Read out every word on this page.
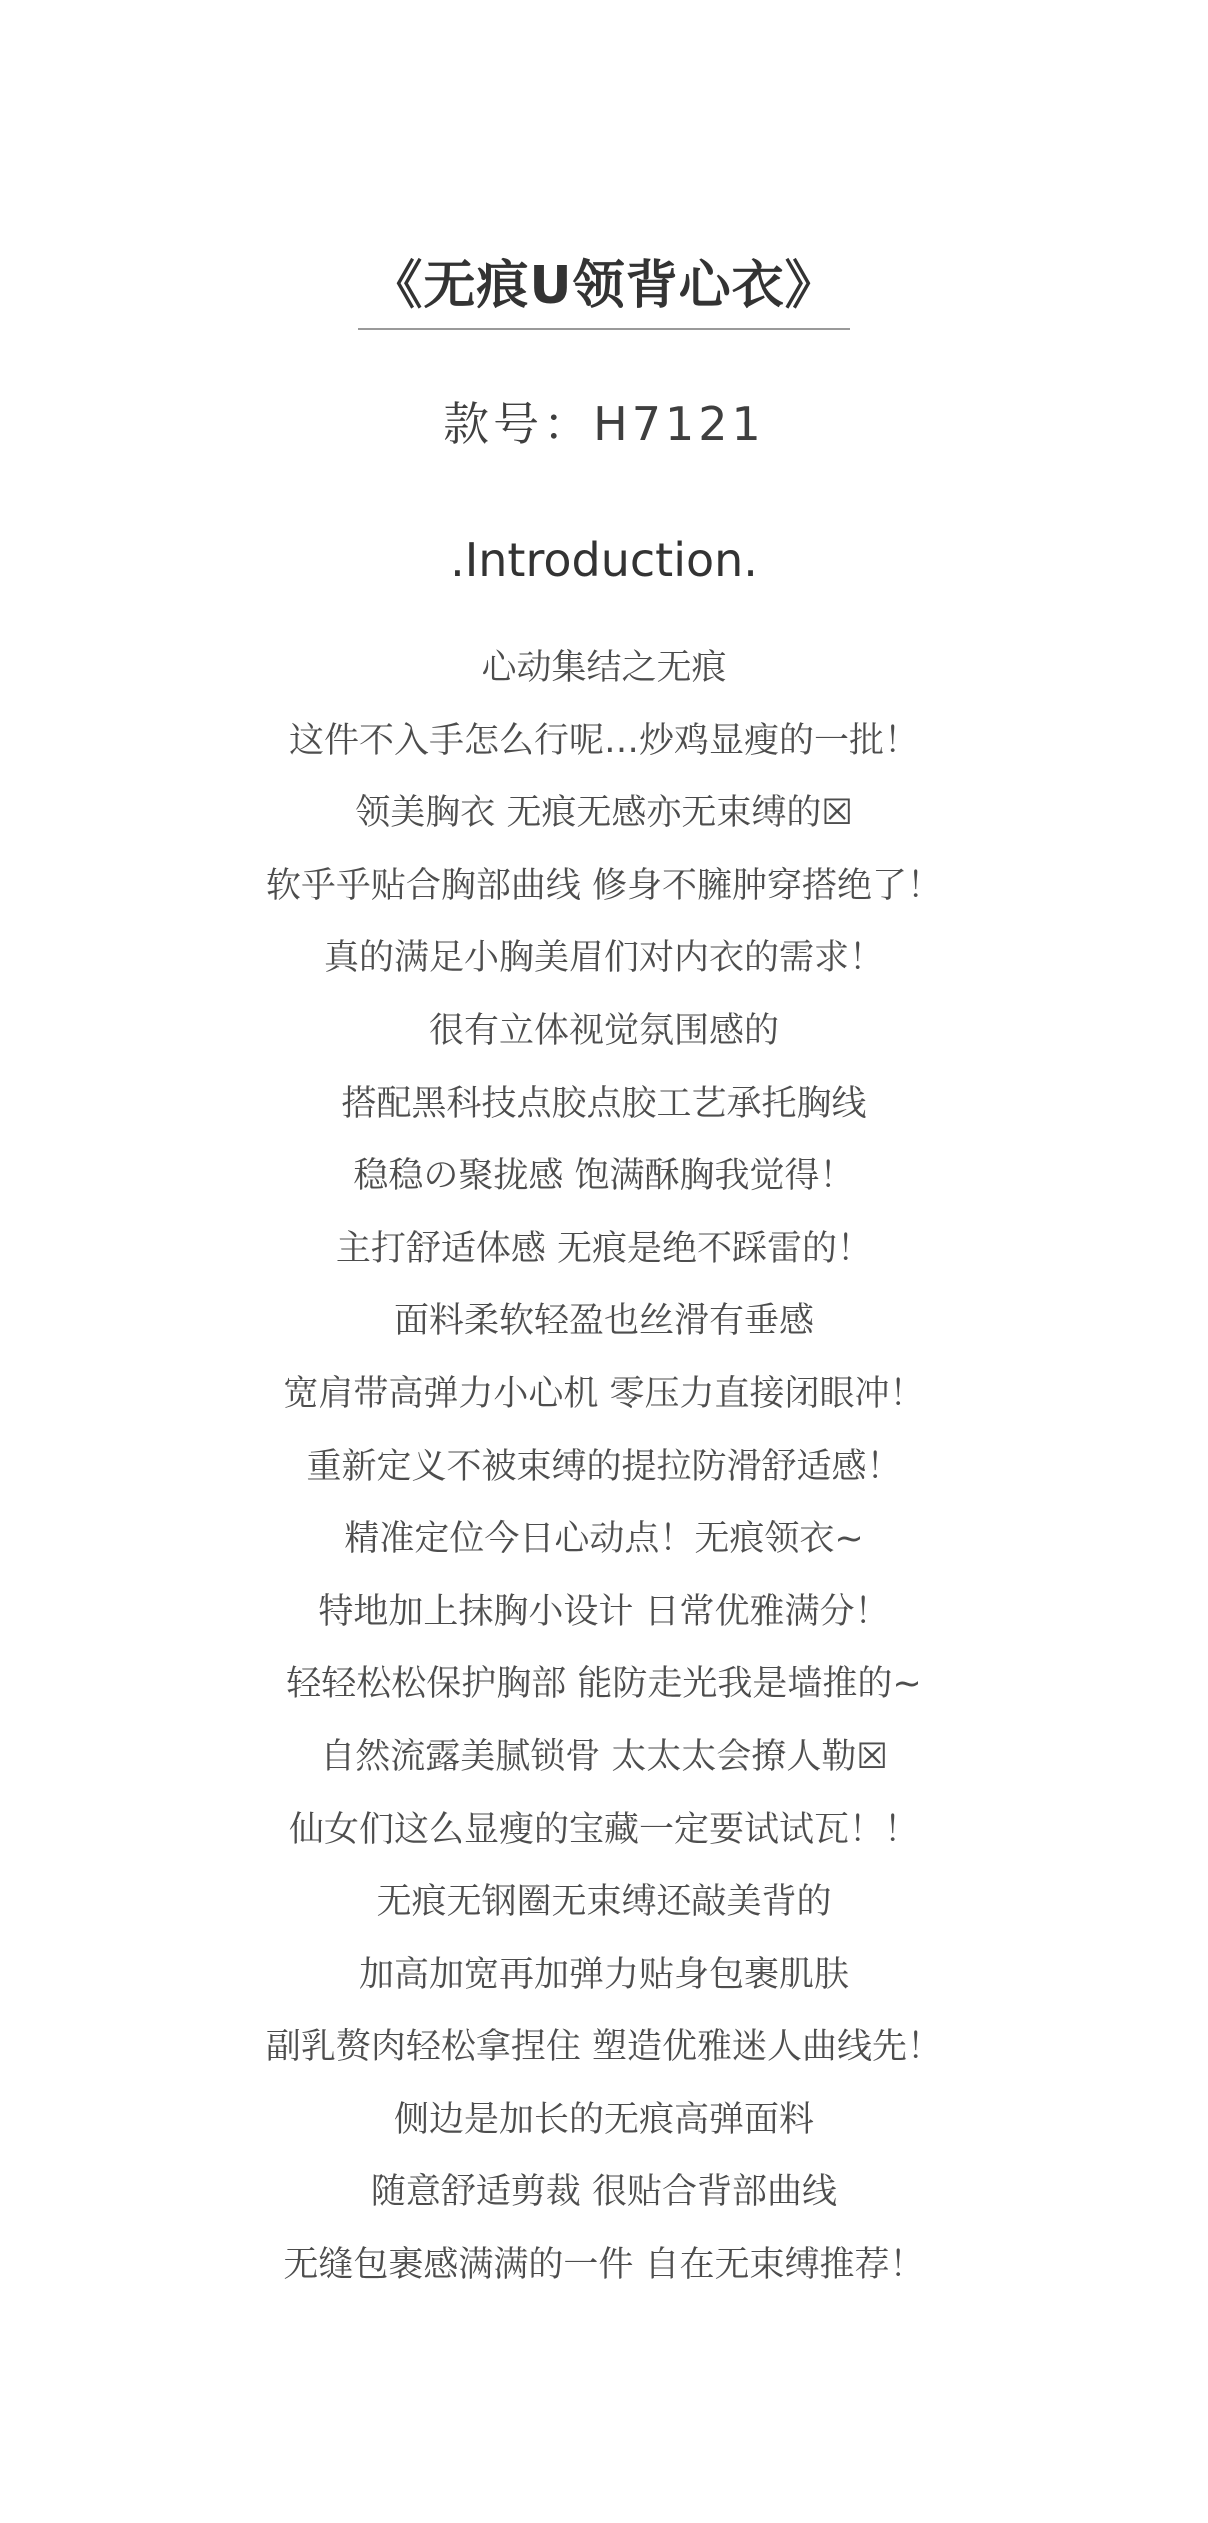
《无痕U领背心衣》
款号：H7121
.Introduction.
心动集结之无痕
这件不入手怎么行呢…炒鸡显瘦的一批！
领美胸衣 无痕无感亦无束缚的☒
软乎乎贴合胸部曲线 修身不臃肿穿搭绝了！
真的满足小胸美眉们对内衣的需求！
很有立体视觉氛围感的
搭配黑科技点胶点胶工艺承托胸线
稳稳の聚拢感 饱满酥胸我觉得！
主打舒适体感 无痕是绝不踩雷的！
面料柔软轻盈也丝滑有垂感
宽肩带高弹力小心机 零压力直接闭眼冲！
重新定义不被束缚的提拉防滑舒适感！
精准定位今日心动点！无痕领衣~
特地加上抹胸小设计 日常优雅满分！
轻轻松松保护胸部 能防走光我是墙推的~
自然流露美腻锁骨 太太太会撩人勒☒
仙女们这么显瘦的宝藏一定要试试瓦！！
无痕无钢圈无束缚还敲美背的
加高加宽再加弹力贴身包裹肌肤
副乳赘肉轻松拿捏住 塑造优雅迷人曲线先！
侧边是加长的无痕高弹面料
随意舒适剪裁 很贴合背部曲线
无缝包裹感满满的一件 自在无束缚推荐！
